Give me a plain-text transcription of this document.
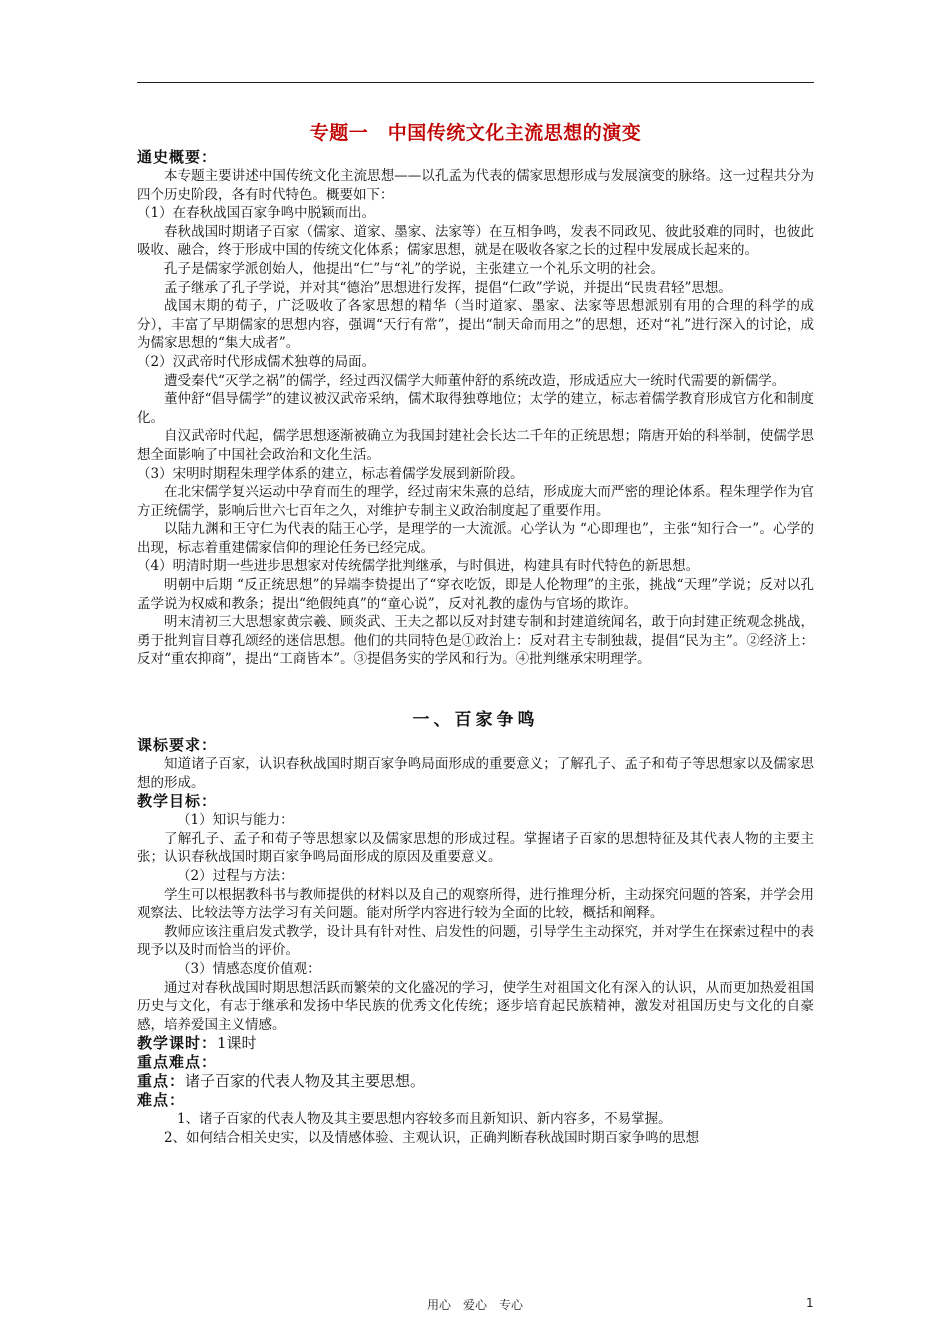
专题一　中国传统文化主流思想的演变
通史概要：

本专题主要讲述中国传统文化主流思想——以孔孟为代表的儒家思想形成与发展演变的脉络。这一过程共分为四个历史阶段，各有时代特色。概要如下：

（1）在春秋战国百家争鸣中脱颖而出。

春秋战国时期诸子百家（儒家、道家、墨家、法家等）在互相争鸣，发表不同政见、彼此驳难的同时，也彼此吸收、融合，终于形成中国的传统文化体系；儒家思想，就是在吸收各家之长的过程中发展成长起来的。

孔子是儒家学派创始人，他提出“仁”与“礼”的学说，主张建立一个礼乐文明的社会。

孟子继承了孔子学说，并对其“德治”思想进行发挥，提倡“仁政”学说，并提出“民贵君轻”思想。

战国末期的荀子，广泛吸收了各家思想的精华（当时道家、墨家、法家等思想派别有用的合理的科学的成分），丰富了早期儒家的思想内容，强调“天行有常”，提出“制天命而用之”的思想，还对“礼”进行深入的讨论，成为儒家思想的“集大成者”。

（2）汉武帝时代形成儒术独尊的局面。

遭受秦代“灭学之祸”的儒学，经过西汉儒学大师董仲舒的系统改造，形成适应大一统时代需要的新儒学。

董仲舒“倡导儒学”的建议被汉武帝采纳，儒术取得独尊地位；太学的建立，标志着儒学教育形成官方化和制度化。

自汉武帝时代起，儒学思想逐渐被确立为我国封建社会长达二千年的正统思想；隋唐开始的科举制，使儒学思想全面影响了中国社会政治和文化生活。

（3）宋明时期程朱理学体系的建立，标志着儒学发展到新阶段。

在北宋儒学复兴运动中孕育而生的理学，经过南宋朱熹的总结，形成庞大而严密的理论体系。程朱理学作为官方正统儒学，影响后世六七百年之久，对维护专制主义政治制度起了重要作用。

以陆九渊和王守仁为代表的陆王心学，是理学的一大流派。心学认为 “心即理也”，主张“知行合一”。心学的出现，标志着重建儒家信仰的理论任务已经完成。

（4）明清时期一些进步思想家对传统儒学批判继承，与时俱进，构建具有时代特色的新思想。

明朝中后期 “反正统思想”的异端李贽提出了“穿衣吃饭，即是人伦物理”的主张，挑战“天理”学说；反对以孔孟学说为权威和教条；提出“绝假纯真”的“童心说”，反对礼教的虚伪与官场的欺诈。

明末清初三大思想家黄宗羲、顾炎武、王夫之都以反对封建专制和封建道统闻名，敢于向封建正统观念挑战，勇于批判盲目尊孔颂经的迷信思想。他们的共同特色是①政治上：反对君主专制独裁，提倡“民为主”。②经济上：反对“重农抑商”，提出“工商皆本”。③提倡务实的学风和行为。④批判继承宋明理学。

一、百家争鸣
课标要求：

知道诸子百家，认识春秋战国时期百家争鸣局面形成的重要意义；了解孔子、孟子和荀子等思想家以及儒家思想的形成。

教学目标：

（1）知识与能力：

了解孔子、孟子和荀子等思想家以及儒家思想的形成过程。掌握诸子百家的思想特征及其代表人物的主要主张；认识春秋战国时期百家争鸣局面形成的原因及重要意义。

（2）过程与方法：

学生可以根据教科书与教师提供的材料以及自己的观察所得，进行推理分析，主动探究问题的答案，并学会用观察法、比较法等方法学习有关问题。能对所学内容进行较为全面的比较，概括和阐释。

教师应该注重启发式教学，设计具有针对性、启发性的问题，引导学生主动探究，并对学生在探索过程中的表现予以及时而恰当的评价。

（3）情感态度价值观：

通过对春秋战国时期思想活跃而繁荣的文化盛况的学习，使学生对祖国文化有深入的认识，从而更加热爱祖国历史与文化，有志于继承和发扬中华民族的优秀文化传统；逐步培育起民族精神，激发对祖国历史与文化的自豪感，培养爱国主义情感。

教学课时：1课时
重点难点：
重点：诸子百家的代表人物及其主要思想。
难点：

1、诸子百家的代表人物及其主要思想内容较多而且新知识、新内容多，不易掌握。

2、如何结合相关史实，以及情感体验、主观认识，正确判断春秋战国时期百家争鸣的思想

用心　爱心　专心	1
